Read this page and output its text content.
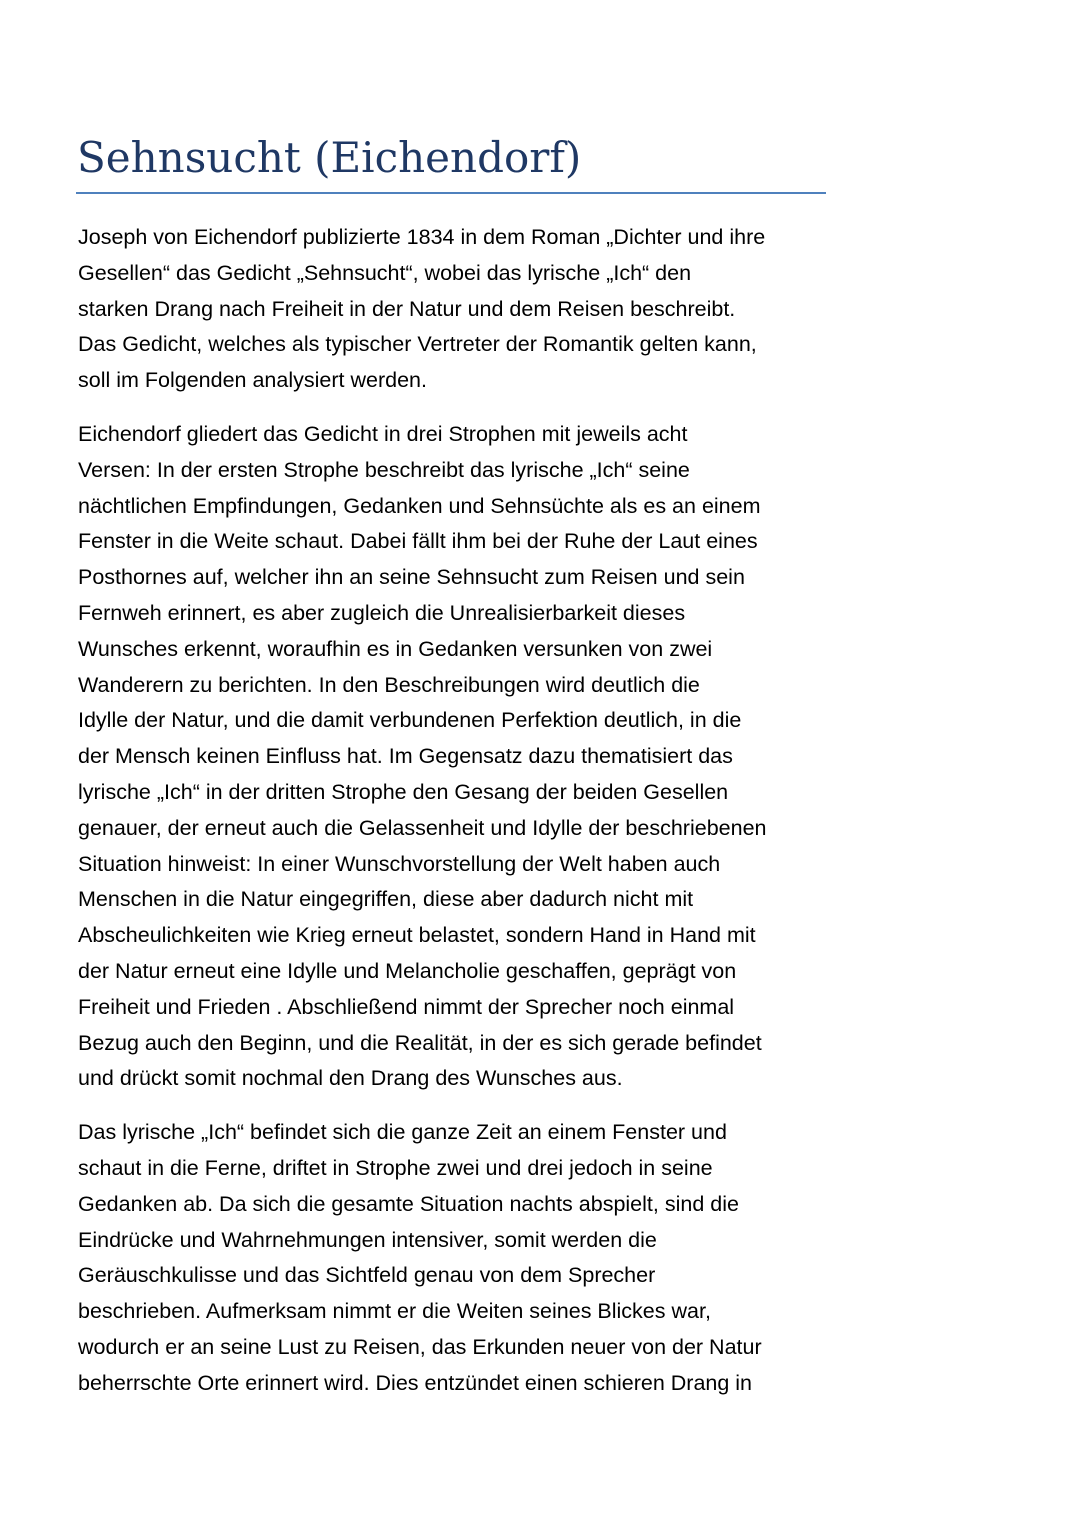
Sehnsucht (Eichendorf)

Joseph von Eichendorf publizierte 1834 in dem Roman „Dichter und ihre
Gesellen“ das Gedicht „Sehnsucht“, wobei das lyrische „Ich“ den
starken Drang nach Freiheit in der Natur und dem Reisen beschreibt.
Das Gedicht, welches als typischer Vertreter der Romantik gelten kann,
soll im Folgenden analysiert werden.

Eichendorf gliedert das Gedicht in drei Strophen mit jeweils acht
Versen: In der ersten Strophe beschreibt das lyrische „Ich“ seine
nächtlichen Empfindungen, Gedanken und Sehnsüchte als es an einem
Fenster in die Weite schaut. Dabei fällt ihm bei der Ruhe der Laut eines
Posthornes auf, welcher ihn an seine Sehnsucht zum Reisen und sein
Fernweh erinnert, es aber zugleich die Unrealisierbarkeit dieses
Wunsches erkennt, woraufhin es in Gedanken versunken von zwei
Wanderern zu berichten. In den Beschreibungen wird deutlich die
Idylle der Natur, und die damit verbundenen Perfektion deutlich, in die
der Mensch keinen Einfluss hat. Im Gegensatz dazu thematisiert das
lyrische „Ich“ in der dritten Strophe den Gesang der beiden Gesellen
genauer, der erneut auch die Gelassenheit und Idylle der beschriebenen
Situation hinweist: In einer Wunschvorstellung der Welt haben auch
Menschen in die Natur eingegriffen, diese aber dadurch nicht mit
Abscheulichkeiten wie Krieg erneut belastet, sondern Hand in Hand mit
der Natur erneut eine Idylle und Melancholie geschaffen, geprägt von
Freiheit und Frieden . Abschließend nimmt der Sprecher noch einmal
Bezug auch den Beginn, und die Realität, in der es sich gerade befindet
und drückt somit nochmal den Drang des Wunsches aus.

Das lyrische „Ich“ befindet sich die ganze Zeit an einem Fenster und
schaut in die Ferne, driftet in Strophe zwei und drei jedoch in seine
Gedanken ab. Da sich die gesamte Situation nachts abspielt, sind die
Eindrücke und Wahrnehmungen intensiver, somit werden die
Geräuschkulisse und das Sichtfeld genau von dem Sprecher
beschrieben. Aufmerksam nimmt er die Weiten seines Blickes war,
wodurch er an seine Lust zu Reisen, das Erkunden neuer von der Natur
beherrschte Orte erinnert wird. Dies entzündet einen schieren Drang in
